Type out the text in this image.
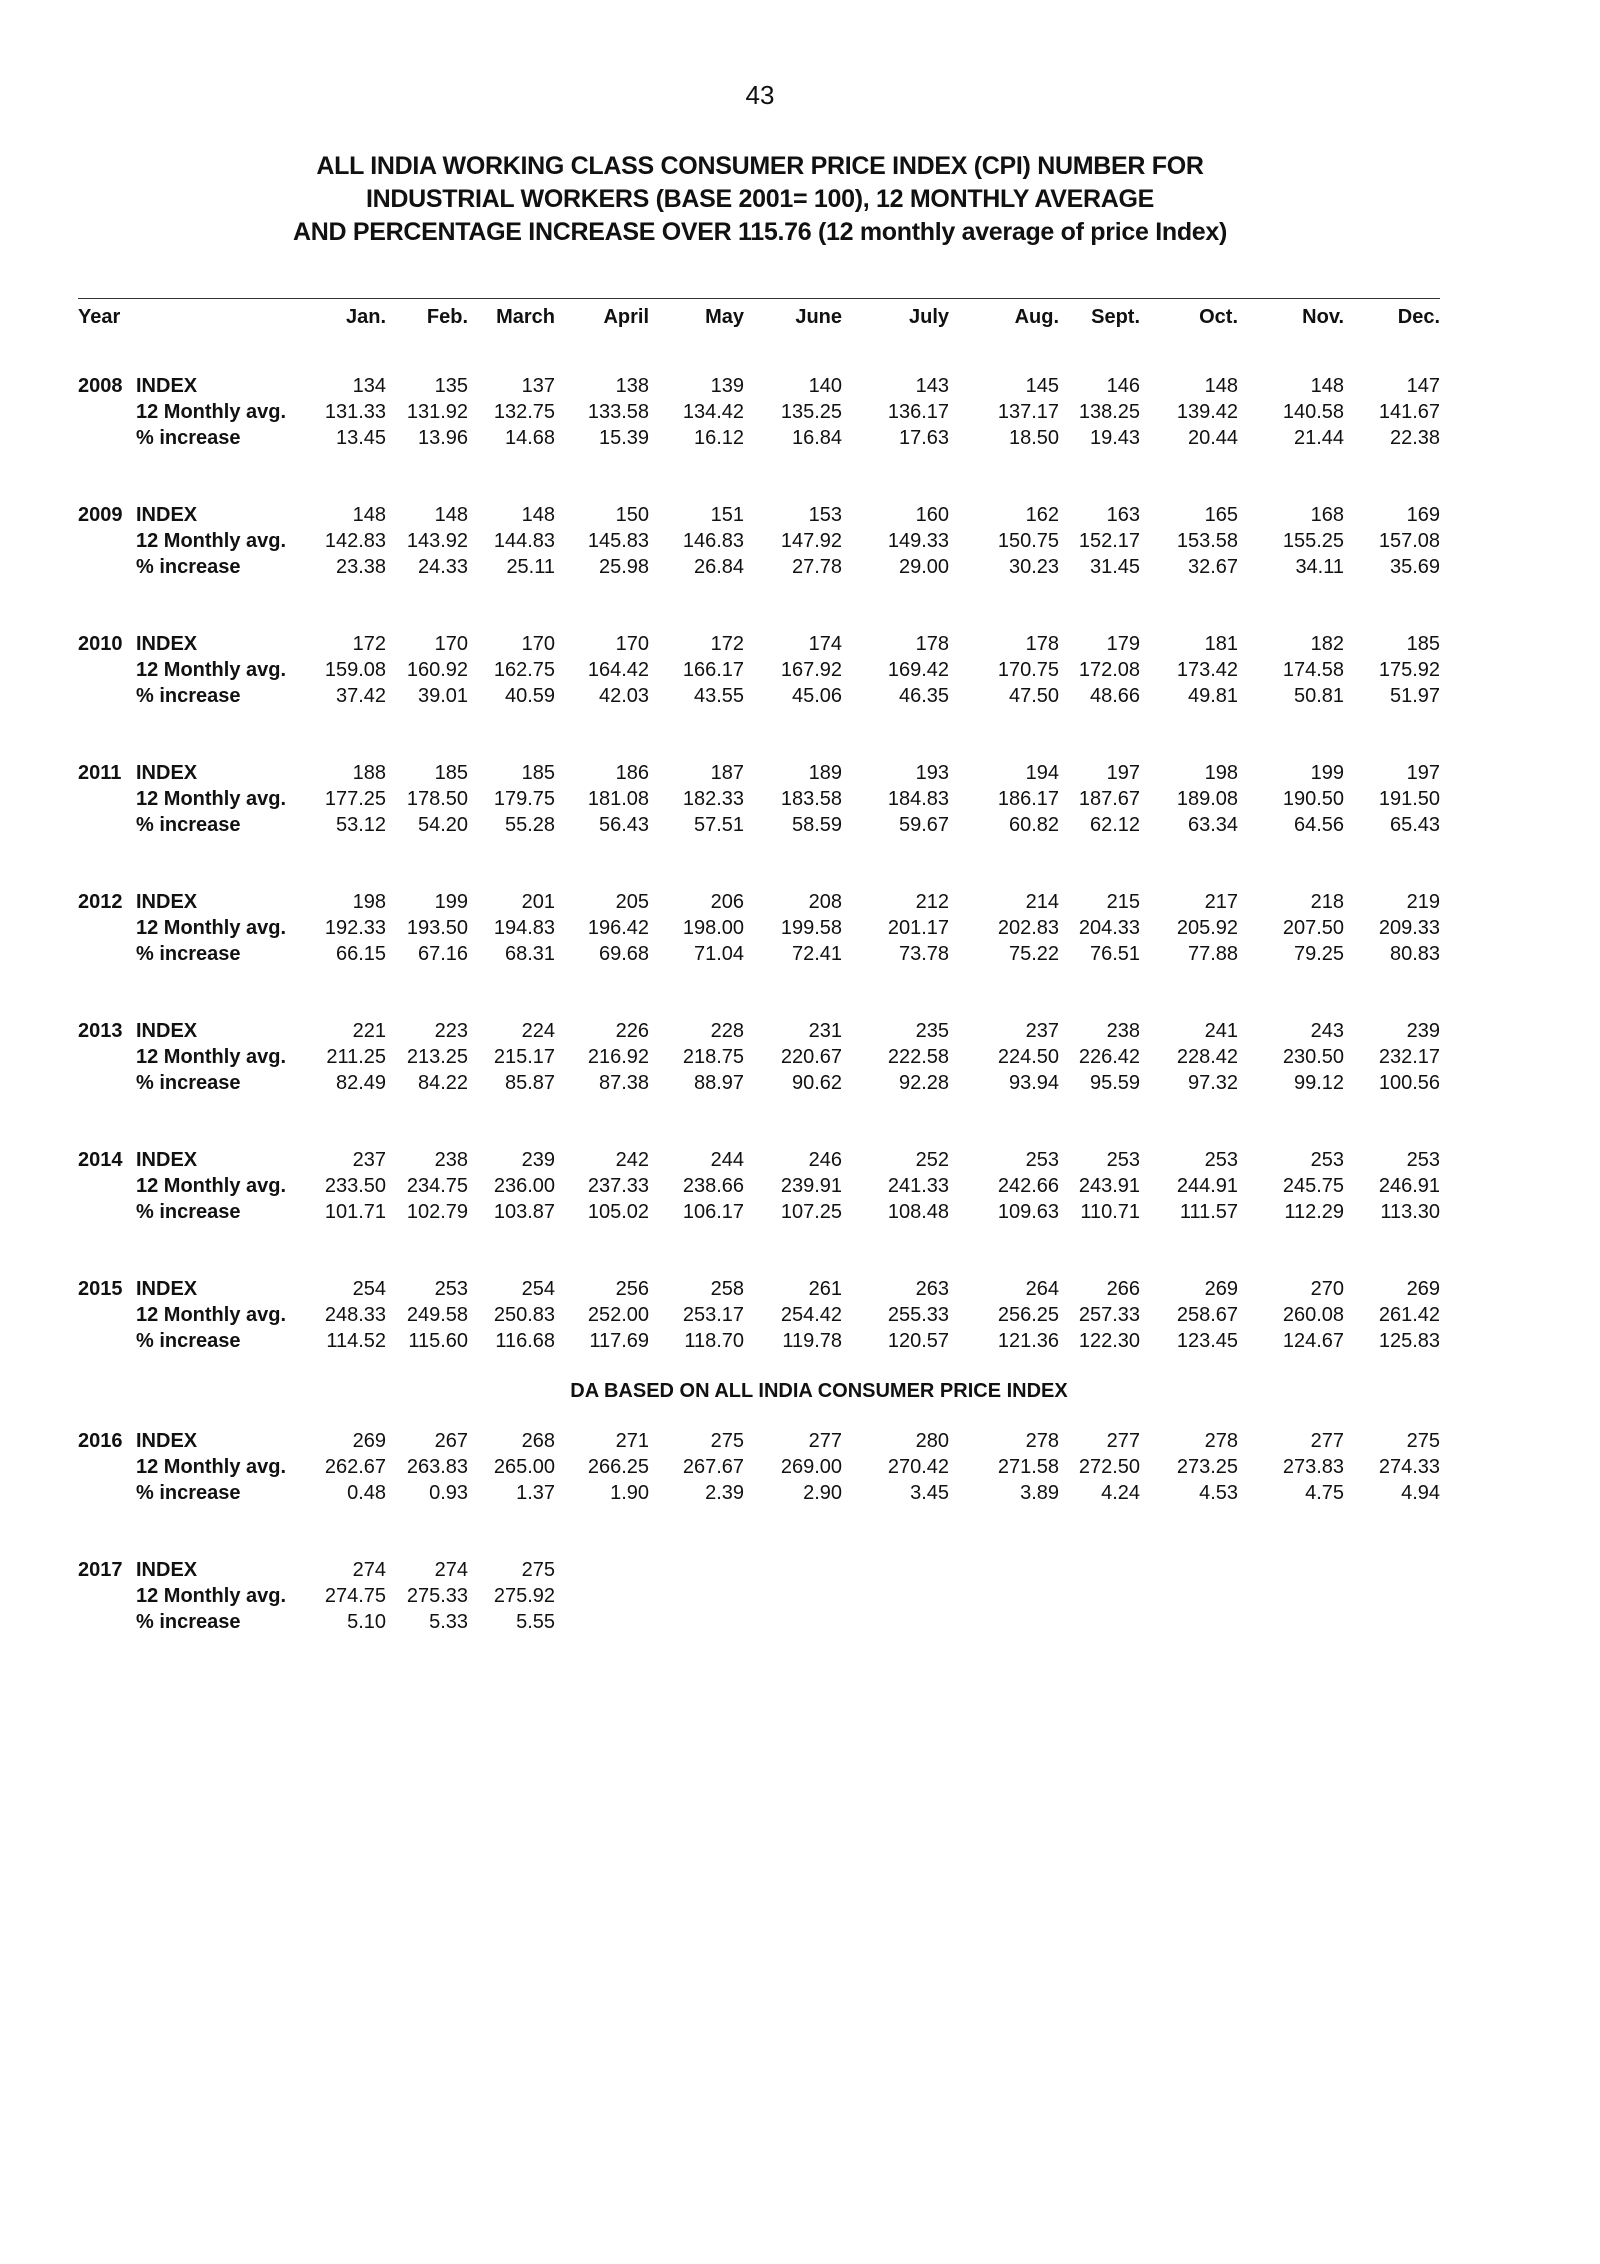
43
ALL INDIA WORKING CLASS CONSUMER PRICE INDEX (CPI) NUMBER FOR
INDUSTRIAL WORKERS (BASE 2001= 100), 12 MONTHLY AVERAGE
AND PERCENTAGE INCREASE OVER 115.76 (12 monthly average of price Index)
Year		Jan.	Feb.	March	April	May	June	July	Aug.	Sept.	Oct.	Nov.	Dec.

2008	INDEX	134	135	137	138	139	140	143	145	146	148	148	147
	12 Monthly avg.	131.33	131.92	132.75	133.58	134.42	135.25	136.17	137.17	138.25	139.42	140.58	141.67
	% increase	13.45	13.96	14.68	15.39	16.12	16.84	17.63	18.50	19.43	20.44	21.44	22.38

2009	INDEX	148	148	148	150	151	153	160	162	163	165	168	169
	12 Monthly avg.	142.83	143.92	144.83	145.83	146.83	147.92	149.33	150.75	152.17	153.58	155.25	157.08
	% increase	23.38	24.33	25.11	25.98	26.84	27.78	29.00	30.23	31.45	32.67	34.11	35.69

2010	INDEX	172	170	170	170	172	174	178	178	179	181	182	185
	12 Monthly avg.	159.08	160.92	162.75	164.42	166.17	167.92	169.42	170.75	172.08	173.42	174.58	175.92
	% increase	37.42	39.01	40.59	42.03	43.55	45.06	46.35	47.50	48.66	49.81	50.81	51.97

2011	INDEX	188	185	185	186	187	189	193	194	197	198	199	197
	12 Monthly avg.	177.25	178.50	179.75	181.08	182.33	183.58	184.83	186.17	187.67	189.08	190.50	191.50
	% increase	53.12	54.20	55.28	56.43	57.51	58.59	59.67	60.82	62.12	63.34	64.56	65.43

2012	INDEX	198	199	201	205	206	208	212	214	215	217	218	219
	12 Monthly avg.	192.33	193.50	194.83	196.42	198.00	199.58	201.17	202.83	204.33	205.92	207.50	209.33
	% increase	66.15	67.16	68.31	69.68	71.04	72.41	73.78	75.22	76.51	77.88	79.25	80.83

2013	INDEX	221	223	224	226	228	231	235	237	238	241	243	239
	12 Monthly avg.	211.25	213.25	215.17	216.92	218.75	220.67	222.58	224.50	226.42	228.42	230.50	232.17
	% increase	82.49	84.22	85.87	87.38	88.97	90.62	92.28	93.94	95.59	97.32	99.12	100.56

2014	INDEX	237	238	239	242	244	246	252	253	253	253	253	253
	12 Monthly avg.	233.50	234.75	236.00	237.33	238.66	239.91	241.33	242.66	243.91	244.91	245.75	246.91
	% increase	101.71	102.79	103.87	105.02	106.17	107.25	108.48	109.63	110.71	111.57	112.29	113.30

2015	INDEX	254	253	254	256	258	261	263	264	266	269	270	269
	12 Monthly avg.	248.33	249.58	250.83	252.00	253.17	254.42	255.33	256.25	257.33	258.67	260.08	261.42
	% increase	114.52	115.60	116.68	117.69	118.70	119.78	120.57	121.36	122.30	123.45	124.67	125.83

DA BASED ON ALL INDIA CONSUMER PRICE INDEX													

2016	INDEX	269	267	268	271	275	277	280	278	277	278	277	275
	12 Monthly avg.	262.67	263.83	265.00	266.25	267.67	269.00	270.42	271.58	272.50	273.25	273.83	274.33
	% increase	0.48	0.93	1.37	1.90	2.39	2.90	3.45	3.89	4.24	4.53	4.75	4.94

2017	INDEX	274	274	275									
	12 Monthly avg.	274.75	275.33	275.92									
	% increase	5.10	5.33	5.55									
